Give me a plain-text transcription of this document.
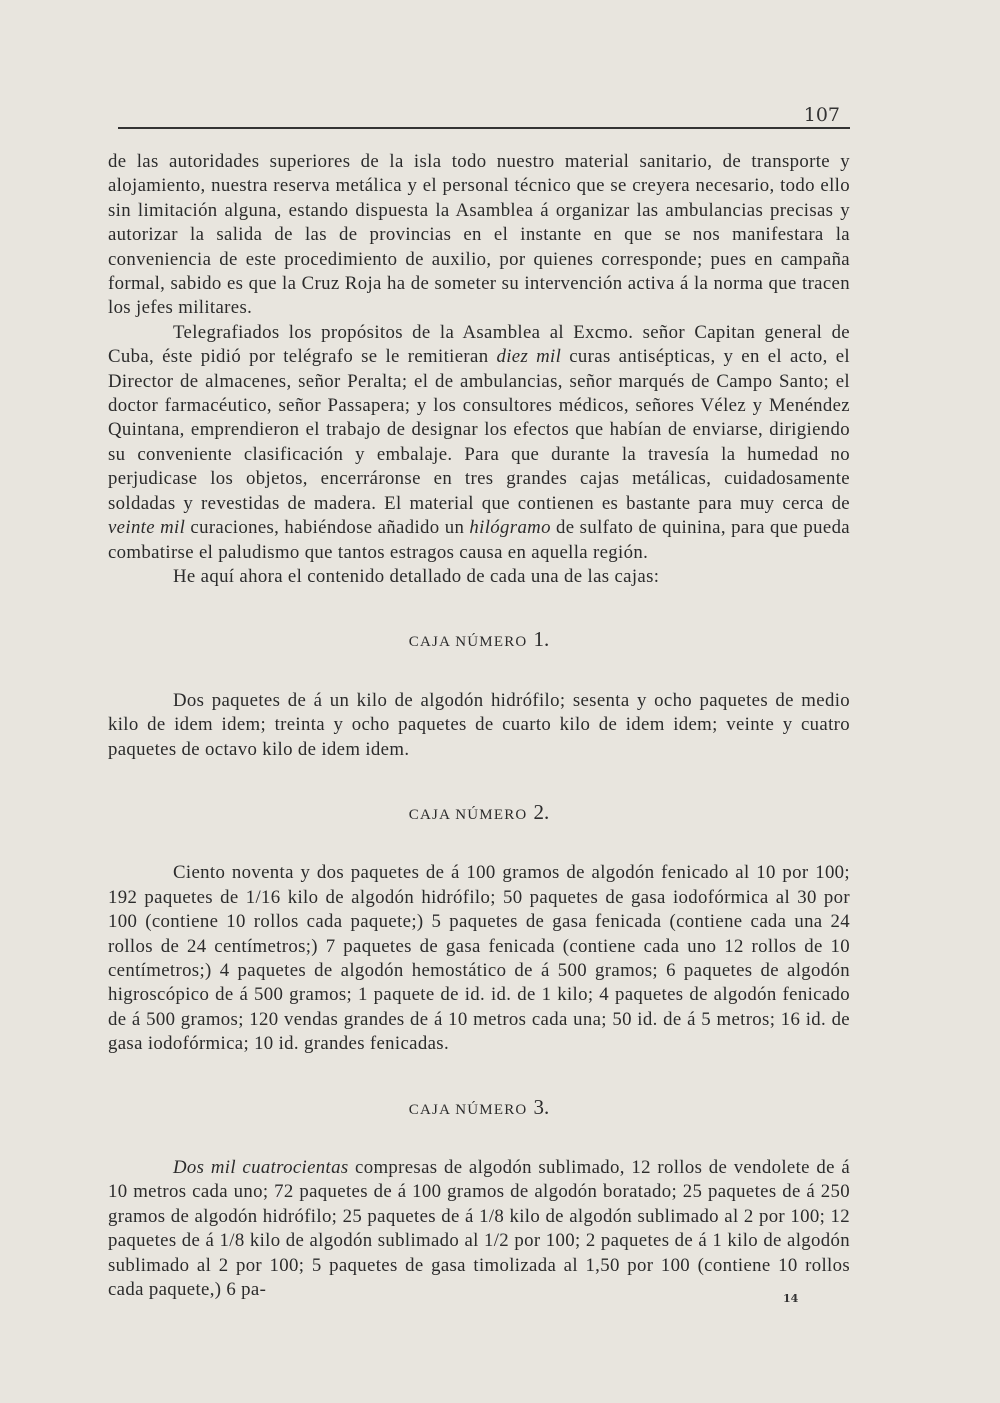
107

de las autoridades superiores de la isla todo nuestro material sanitario, de transporte y alojamiento, nuestra reserva metálica y el personal técnico que se creyera necesario, todo ello sin limitación alguna, estando dispuesta la Asamblea á organizar las ambulancias precisas y autorizar la salida de las de provincias en el instante en que se nos manifestara la conveniencia de este procedimiento de auxilio, por quienes corresponde; pues en campaña formal, sabido es que la Cruz Roja ha de someter su intervención activa á la norma que tracen los jefes militares.

Telegrafiados los propósitos de la Asamblea al Excmo. señor Capitan general de Cuba, éste pidió por telégrafo se le remitieran diez mil curas antisépticas, y en el acto, el Director de almacenes, señor Peralta; el de ambulancias, señor marqués de Campo Santo; el doctor farmacéutico, señor Passapera; y los consultores médicos, señores Vélez y Menéndez Quintana, emprendieron el trabajo de designar los efectos que habían de enviarse, dirigiendo su conveniente clasificación y embalaje. Para que durante la travesía la humedad no perjudicase los objetos, encerráronse en tres grandes cajas metálicas, cuidadosamente soldadas y revestidas de madera. El material que contienen es bastante para muy cerca de veinte mil curaciones, habiéndose añadido un hilógramo de sulfato de quinina, para que pueda combatirse el paludismo que tantos estragos causa en aquella región.

He aquí ahora el contenido detallado de cada una de las cajas:

CAJA NÚMERO 1.

Dos paquetes de á un kilo de algodón hidrófilo; sesenta y ocho paquetes de medio kilo de idem idem; treinta y ocho paquetes de cuarto kilo de idem idem; veinte y cuatro paquetes de octavo kilo de idem idem.

CAJA NÚMERO 2.

Ciento noventa y dos paquetes de á 100 gramos de algodón fenicado al 10 por 100; 192 paquetes de 1/16 kilo de algodón hidrófilo; 50 paquetes de gasa iodofórmica al 30 por 100 (contiene 10 rollos cada paquete;) 5 paquetes de gasa fenicada (contiene cada una 24 rollos de 24 centímetros;) 7 paquetes de gasa fenicada (contiene cada uno 12 rollos de 10 centímetros;) 4 paquetes de algodón hemostático de á 500 gramos; 6 paquetes de algodón higroscópico de á 500 gramos; 1 paquete de id. id. de 1 kilo; 4 paquetes de algodón fenicado de á 500 gramos; 120 vendas grandes de á 10 metros cada una; 50 id. de á 5 metros; 16 id. de gasa iodofórmica; 10 id. grandes fenicadas.

CAJA NÚMERO 3.

Dos mil cuatrocientas compresas de algodón sublimado, 12 rollos de vendolete de á 10 metros cada uno; 72 paquetes de á 100 gramos de algodón boratado; 25 paquetes de á 250 gramos de algodón hidrófilo; 25 paquetes de á 1/8 kilo de algodón sublimado al 2 por 100; 12 paquetes de á 1/8 kilo de algodón sublimado al 1/2 por 100; 2 paquetes de á 1 kilo de algodón sublimado al 2 por 100; 5 paquetes de gasa timolizada al 1,50 por 100 (contiene 10 rollos cada paquete,) 6 pa-	14
